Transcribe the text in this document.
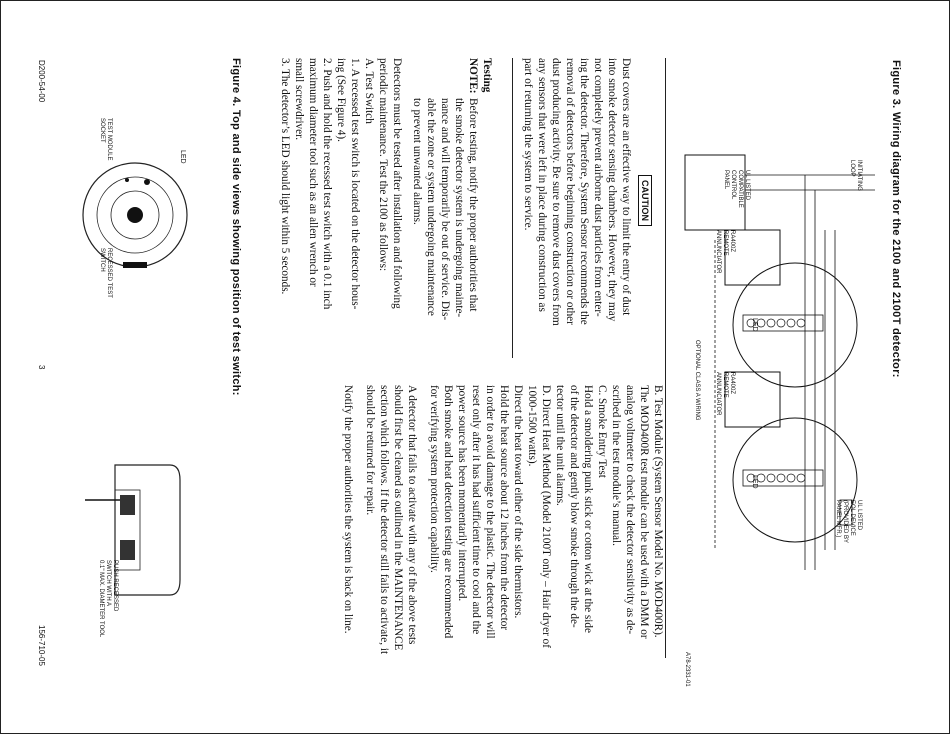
Figure 3. Wiring diagram for the 2100 and 2100T detector:
A78-2331-01
INITIATING
LOOP
UL LISTED
COMPATIBLE
CONTROL
PANEL
RA400Z
REMOTE
ANNUNCIATOR
RA400Z
REMOTE
ANNUNCIATOR
OPTIONAL CLASS A WIRING
UL LISTED
EOL DEVICE
(PROVIDED BY
PANEL MFR.)
LED
LED
CAUTION
Dust covers are an effective way to limit the entry of dust
into smoke detector sensing chambers. However, they may
not completely prevent airborne dust particles from enter-
ing the detector. Therefore, System Sensor recommends the
removal of detectors before beginning construction or other
dust producing activity. Be sure to remove dust covers from
any sensors that were left in place during construction as
part of returning the system to service.
Testing
NOTE:
Before testing, notify the proper authorities that
the smoke detector system is undergoing mainte-
nance and will temporarily be out of service. Dis-
able the zone or system undergoing maintenance
to prevent unwanted alarms.
Detectors must be tested after installation and following
periodic maintenance. Test the 2100 as follows:
A. Test Switch
1. A recessed test switch is located on the detector hous-
ing (See Figure 4).
2. Push and hold the recessed test switch with a 0.1 inch
maximum diameter tool such as an allen wrench or
small screwdriver.
3. The detector’s LED should light within 5 seconds.
B. Test Module (System Sensor Model No. MOD400R).
The MOD400R test module can be used with a DMM or
analog voltmeter to check the detector sensitivity as de-
scribed in the test module’s manual.
C. Smoke Entry Test
Hold a smoldering punk stick or cotton wick at the side
of the detector and gently blow smoke through the de-
tector until the unit alarms.
D. Direct Heat Method (Model 2100T only – Hair dryer of
1000-1500 watts).
Direct the heat toward either of the side thermistors.
Hold the heat source about 12 inches from the detector
in order to avoid damage to the plastic. The detector will
reset only after it has had sufficient time to cool and the
power source has been momentarily interrupted.
Both smoke and heat detection testing are recommended
for verifying system protection capability.
A detector that fails to activate with any of the above tests
should first be cleaned as outlined in the MAINTENANCE
section which follows. If the detector still fails to activate, it
should be returned for repair.
Notify the proper authorities the system is back on line.
Figure 4. Top and side views showing position of test switch:
LED
TEST MODULE
SOCKET
RECESSED TEST
SWITCH
PUSH RECESSED
SWITCH WITH A
0.1" MAX. DIAMETER TOOL
D200-54-00
3
156-710-05
